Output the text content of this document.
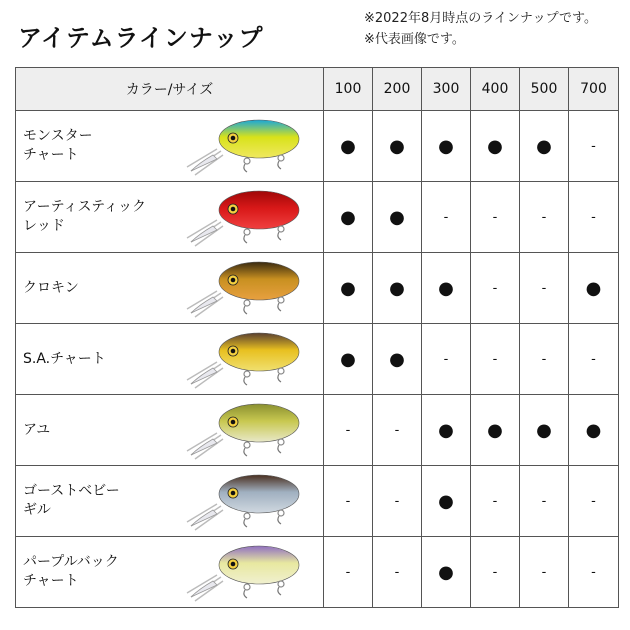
アイテムラインナップ
※2022年8月時点のラインナップです。
※代表画像です。
カラー/サイズ		100	200	300	400	500	700

モンスター
チャート		●	●	●	●	●	-

アーティスティック
レッド		●	●	-	-	-	-

クロキン		●	●	●	-	-	●

S.A.チャート		●	●	-	-	-	-

アユ		-	-	●	●	●	●

ゴーストベビー
ギル		-	-	●	-	-	-

パープルバック
チャート		-	-	●	-	-	-
